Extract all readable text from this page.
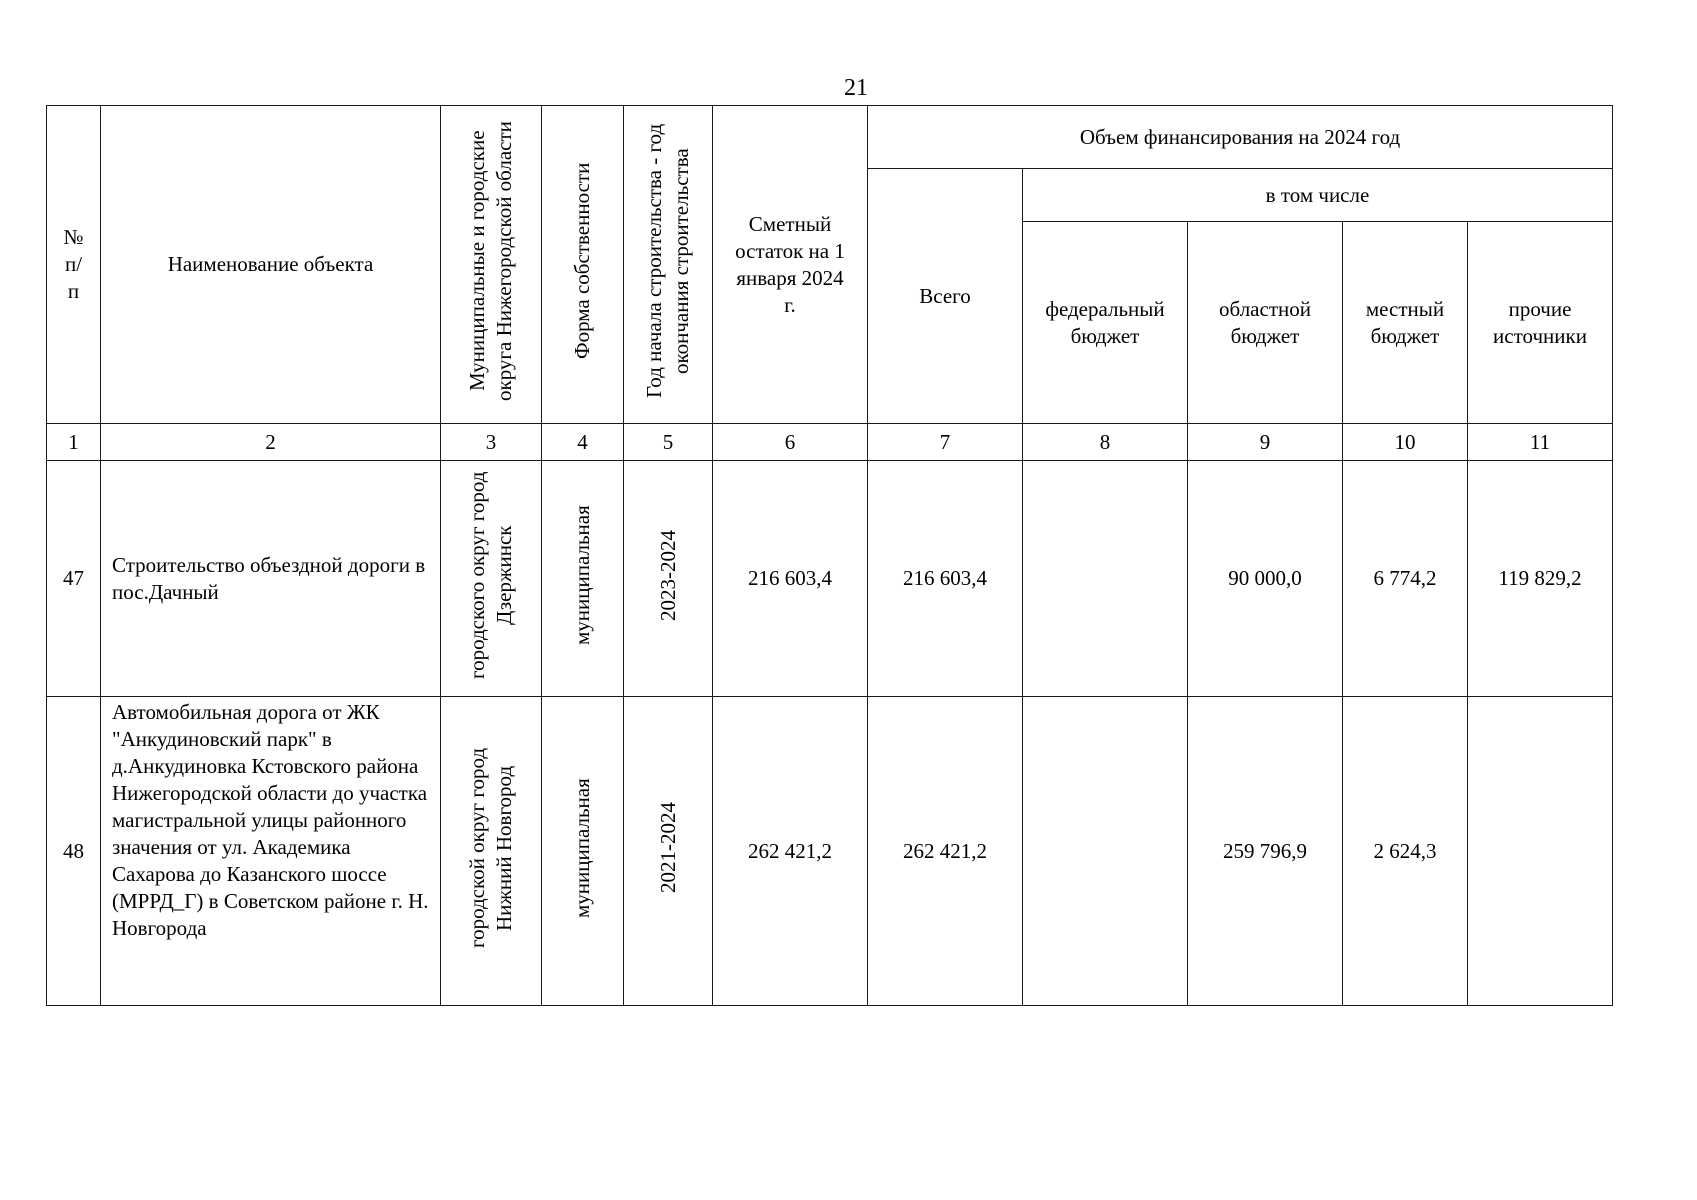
21
№ п/ п	Наименование объекта	Муниципальные и городские округа Нижегородской области	Форма собственности	Год начала строительства - год окончания строительства	Сметный остаток на 1 января 2024 г.	Объем финансирования на 2024 год				
						Всего	в том числе			

							федеральный бюджет	областной бюджет	местный бюджет	прочие источники

1	2	3	4	5	6	7	8	9	10	11
47	Строительство объездной дороги в пос.Дачный	городского округ город Дзержинск	муниципальная	2023-2024	216 603,4	216 603,4		90 000,0	6 774,2	119 829,2
48	Автомобильная дорога от ЖК "Анкудиновский парк" в д.Анкудиновка Кстовского района Нижегородской области до участка магистральной улицы районного значения от ул. Академика Сахарова до Казанского шоссе (МРРД_Г) в Советском районе г. Н. Новгорода	городской округ город Нижний Новгород	муниципальная	2021-2024	262 421,2	262 421,2		259 796,9	2 624,3	
